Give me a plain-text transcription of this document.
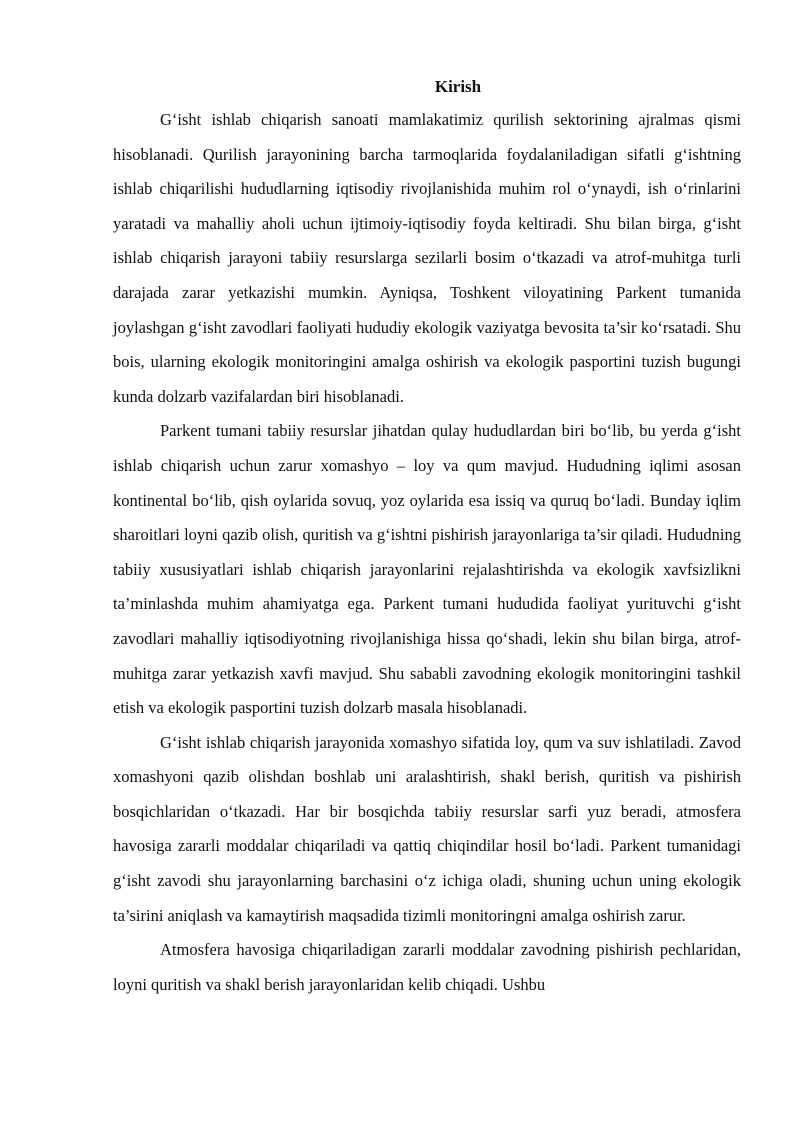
Kirish

G‘isht ishlab chiqarish sanoati mamlakatimiz qurilish sektorining ajralmas qismi hisoblanadi. Qurilish jarayonining barcha tarmoqlarida foydalaniladigan sifatli g‘ishtning ishlab chiqarilishi hududlarning iqtisodiy rivojlanishida muhim rol o‘ynaydi, ish o‘rinlarini yaratadi va mahalliy aholi uchun ijtimoiy-iqtisodiy foyda keltiradi. Shu bilan birga, g‘isht ishlab chiqarish jarayoni tabiiy resurslarga sezilarli bosim o‘tkazadi va atrof-muhitga turli darajada zarar yetkazishi mumkin. Ayniqsa, Toshkent viloyatining Parkent tumanida joylashgan g‘isht zavodlari faoliyati hududiy ekologik vaziyatga bevosita ta’sir ko‘rsatadi. Shu bois, ularning ekologik monitoringini amalga oshirish va ekologik pasportini tuzish bugungi kunda dolzarb vazifalardan biri hisoblanadi.

Parkent tumani tabiiy resurslar jihatdan qulay hududlardan biri bo‘lib, bu yerda g‘isht ishlab chiqarish uchun zarur xomashyo – loy va qum mavjud. Hududning iqlimi asosan kontinental bo‘lib, qish oylarida sovuq, yoz oylarida esa issiq va quruq bo‘ladi. Bunday iqlim sharoitlari loyni qazib olish, quritish va g‘ishtni pishirish jarayonlariga ta’sir qiladi. Hududning tabiiy xususiyatlari ishlab chiqarish jarayonlarini rejalashtirishda va ekologik xavfsizlikni ta’minlashda muhim ahamiyatga ega. Parkent tumani hududida faoliyat yurituvchi g‘isht zavodlari mahalliy iqtisodiyotning rivojlanishiga hissa qo‘shadi, lekin shu bilan birga, atrof-muhitga zarar yetkazish xavfi mavjud. Shu sababli zavodning ekologik monitoringini tashkil etish va ekologik pasportini tuzish dolzarb masala hisoblanadi.

G‘isht ishlab chiqarish jarayonida xomashyo sifatida loy, qum va suv ishlatiladi. Zavod xomashyoni qazib olishdan boshlab uni aralashtirish, shakl berish, quritish va pishirish bosqichlaridan o‘tkazadi. Har bir bosqichda tabiiy resurslar sarfi yuz beradi, atmosfera havosiga zararli moddalar chiqariladi va qattiq chiqindilar hosil bo‘ladi. Parkent tumanidagi g‘isht zavodi shu jarayonlarning barchasini o‘z ichiga oladi, shuning uchun uning ekologik ta’sirini aniqlash va kamaytirish maqsadida tizimli monitoringni amalga oshirish zarur.

Atmosfera havosiga chiqariladigan zararli moddalar zavodning pishirish pechlaridan, loyni quritish va shakl berish jarayonlaridan kelib chiqadi. Ushbu
